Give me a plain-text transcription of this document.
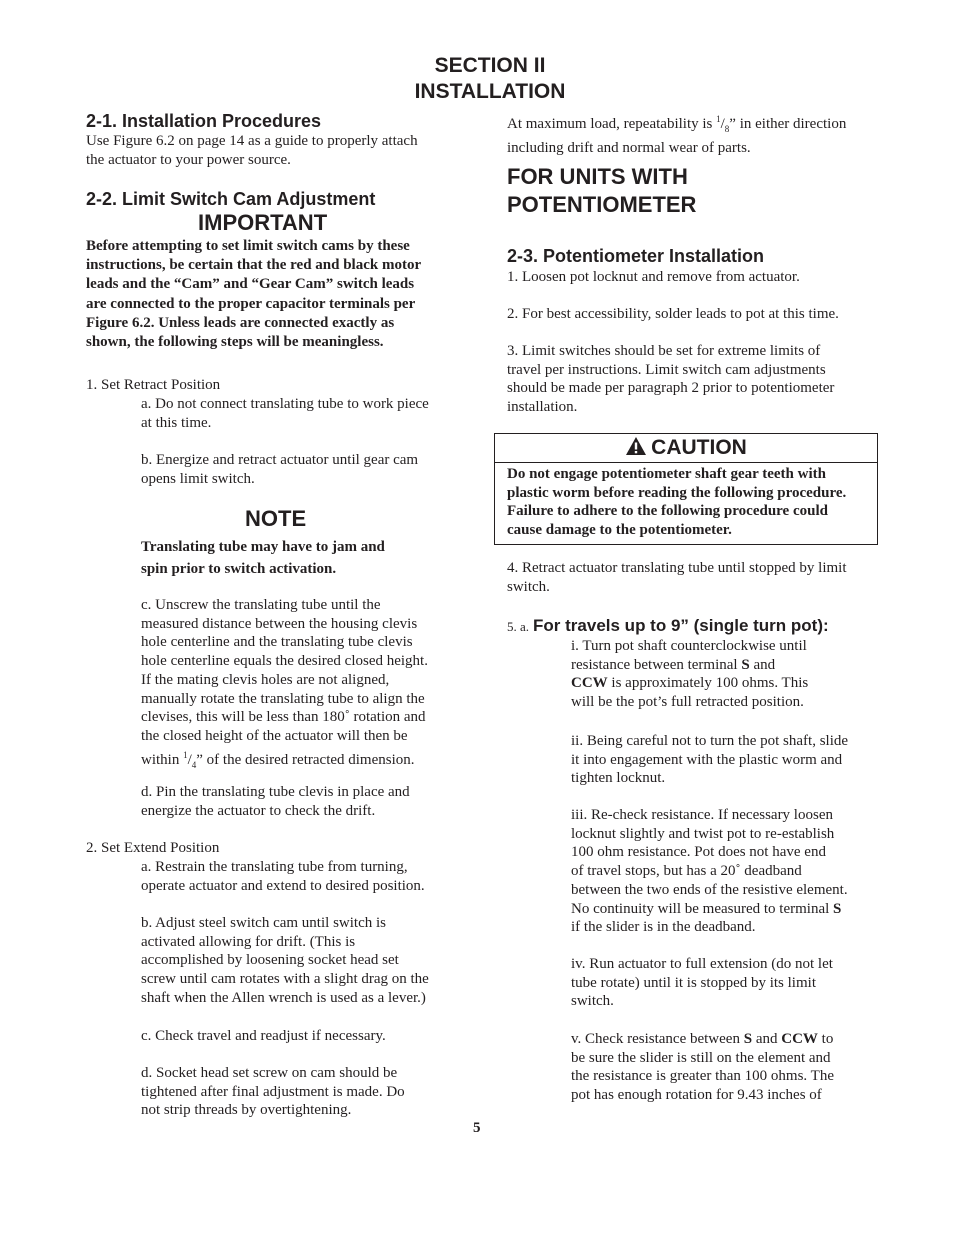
SECTION II
INSTALLATION
2-1. Installation Procedures
Use Figure 6.2 on page 14 as a guide to properly attach
the actuator to your power source.
2-2. Limit Switch Cam Adjustment
IMPORTANT
Before attempting to set limit switch cams by these
instructions, be certain that the red and black motor
leads and the “Cam” and “Gear Cam” switch leads
are connected to the proper capacitor terminals per
Figure 6.2. Unless leads are connected exactly as
shown, the following steps will be meaningless.
1. Set Retract Position
a. Do not connect translating tube to work piece
at this time.
b. Energize and retract actuator until gear cam
opens limit switch.
NOTE
Translating tube may have to jam and
spin prior to switch activation.
c. Unscrew the translating tube until the
measured distance between the housing clevis
hole centerline and the translating tube clevis
hole centerline equals the desired closed height.
If the mating clevis holes are not aligned,
manually rotate the translating tube to align the
clevises, this will be less than 180˚ rotation and
the closed height of the actuator will then be
within $^1/_4$” of the desired retracted dimension.
d. Pin the translating tube clevis in place and
energize the actuator to check the drift.
2. Set Extend Position
a. Restrain the translating tube from turning,
operate actuator and extend to desired position.
b. Adjust steel switch cam until switch is
activated allowing for drift. (This is
accomplished by loosening socket head set
screw until cam rotates with a slight drag on the
shaft when the Allen wrench is used as a lever.)
c. Check travel and readjust if necessary.
d. Socket head set screw on cam should be
tightened after final adjustment is made. Do
not strip threads by overtightening.
At maximum load, repeatability is $^1/_8$” in either direction
including drift and normal wear of parts.
FOR UNITS WITH
POTENTIOMETER
2-3. Potentiometer Installation
1. Loosen pot locknut and remove from actuator.
2. For best accessibility, solder leads to pot at this time.
3. Limit switches should be set for extreme limits of
travel per instructions. Limit switch cam adjustments
should be made per paragraph 2 prior to potentiometer
installation.
CAUTION
Do not engage potentiometer shaft gear teeth with
plastic worm before reading the following procedure.
Failure to adhere to the following procedure could
cause damage to the potentiometer.
4. Retract actuator translating tube until stopped by limit
switch.
5. a. For travels up to 9” (single turn pot):
i. Turn pot shaft counterclockwise until
resistance between terminal S and
CCW is approximately 100 ohms. This
will be the pot’s full retracted position.
ii. Being careful not to turn the pot shaft, slide
it into engagement with the plastic worm and
tighten locknut.
iii. Re-check resistance. If necessary loosen
locknut slightly and twist pot to re-establish
100 ohm resistance. Pot does not have end
of travel stops, but has a 20˚ deadband
between the two ends of the resistive element.
No continuity will be measured to terminal S
if the slider is in the deadband.
iv. Run actuator to full extension (do not let
tube rotate) until it is stopped by its limit
switch.
v. Check resistance between S and CCW to
be sure the slider is still on the element and
the resistance is greater than 100 ohms. The
pot has enough rotation for 9.43 inches of
5
